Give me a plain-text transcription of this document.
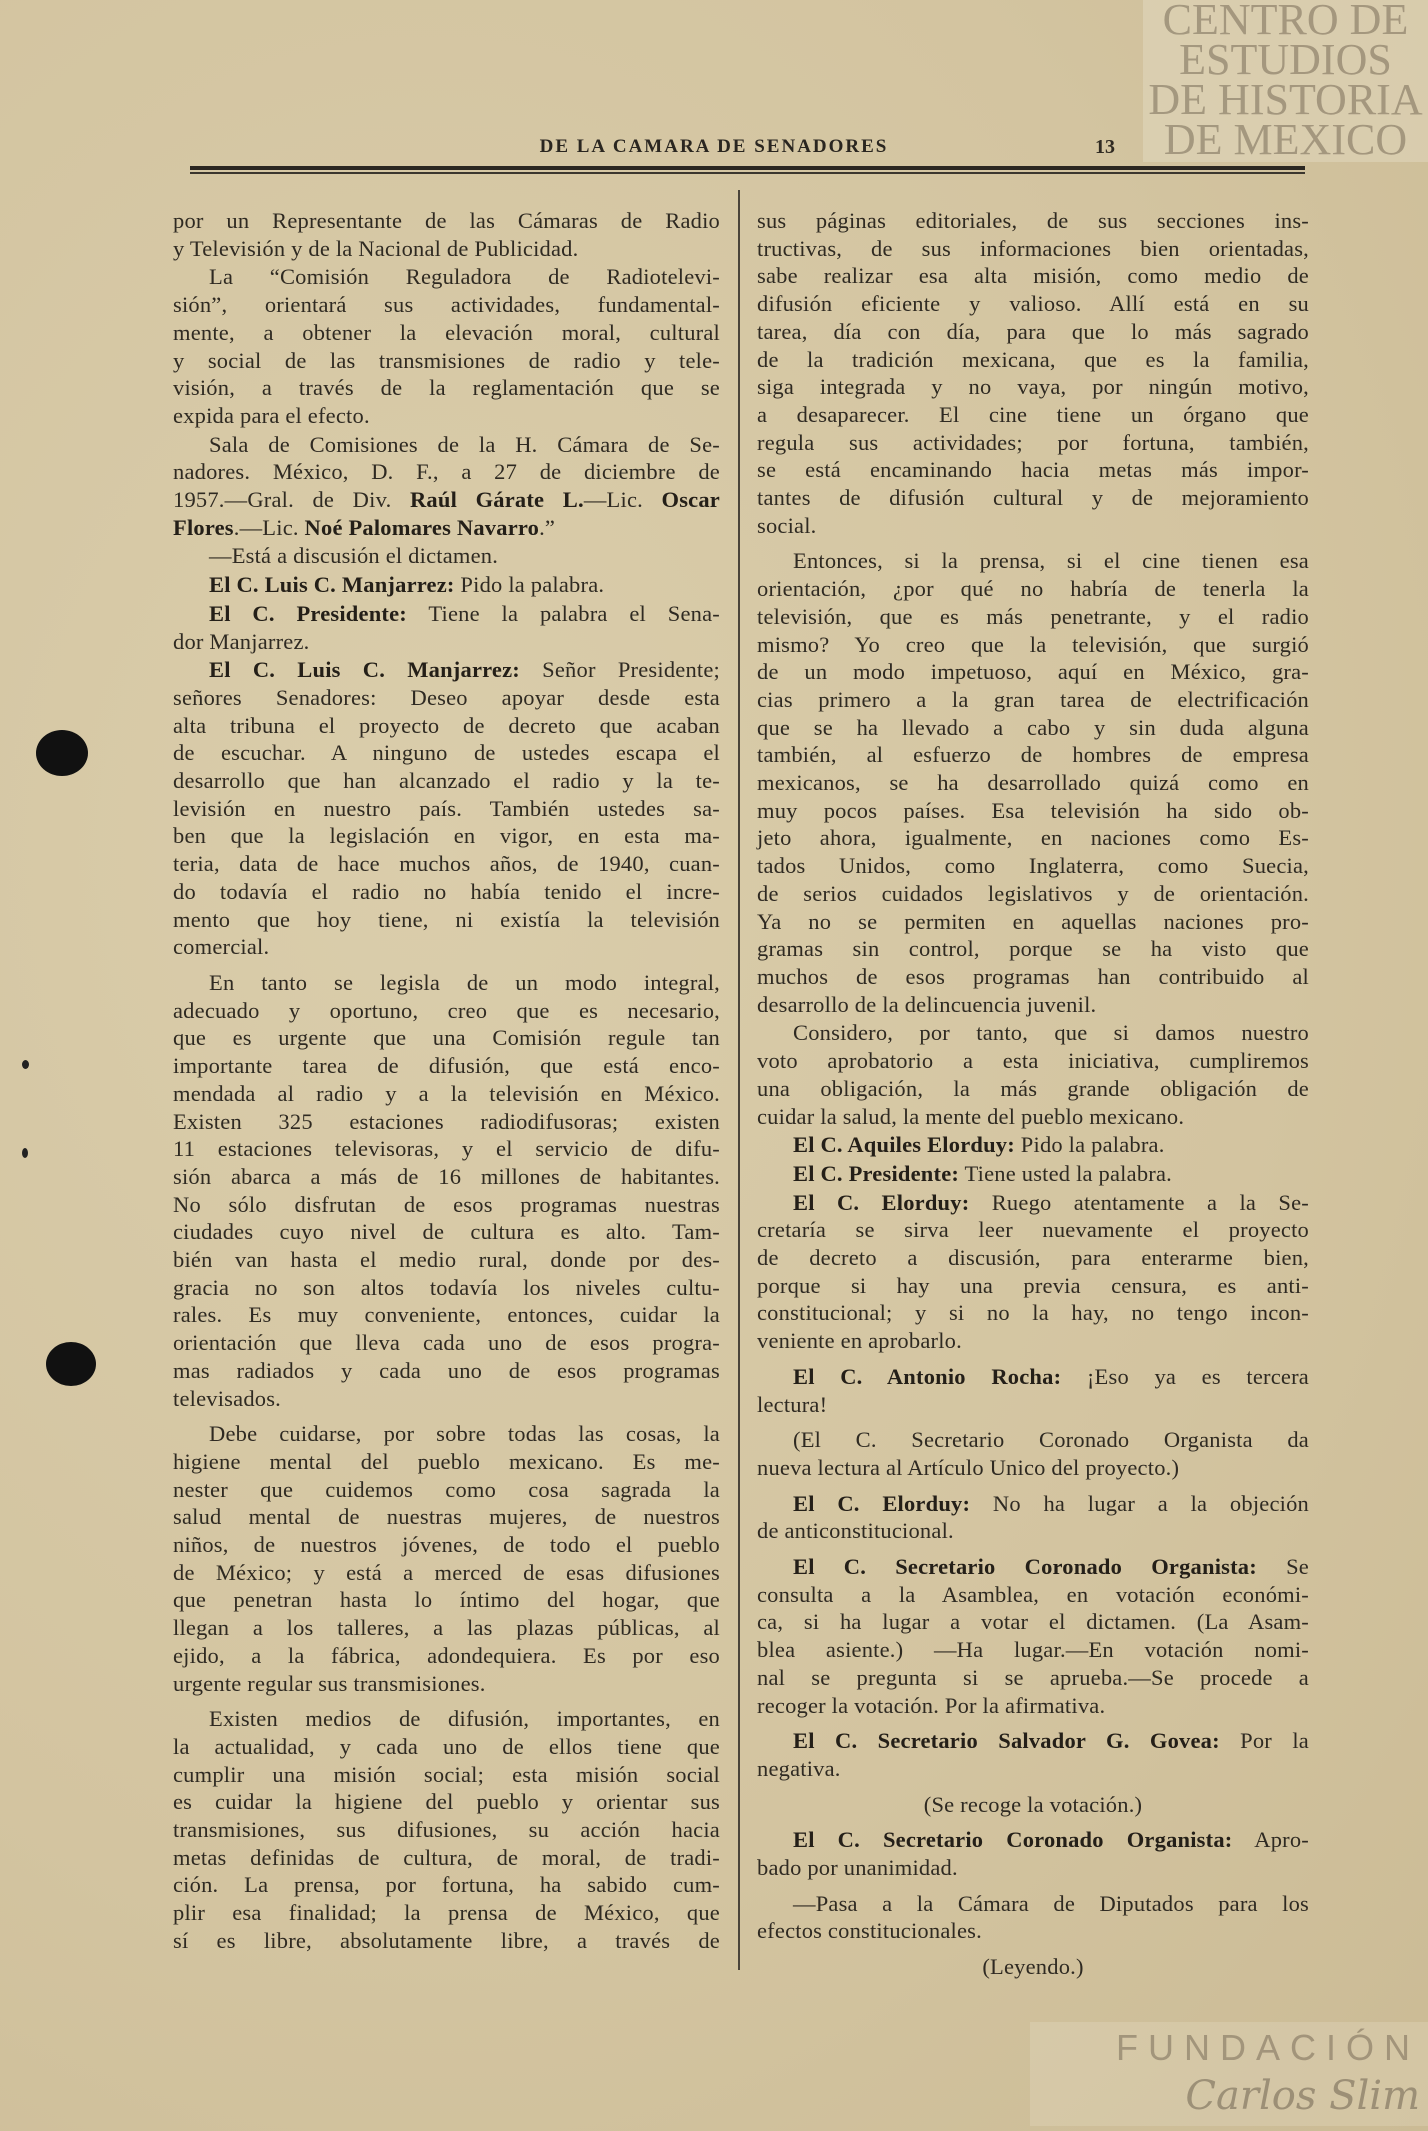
DE LA CAMARA DE SENADORES	13
por un Representante de las Cámaras de Radio
y Televisión y de la Nacional de Publicidad.
La “Comisión Reguladora de Radiotelevi-
sión”, orientará sus actividades, fundamental-
mente, a obtener la elevación moral, cultural
y social de las transmisiones de radio y tele-
visión, a través de la reglamentación que se
expida para el efecto.
Sala de Comisiones de la H. Cámara de Se-
nadores. México, D. F., a 27 de diciembre de
1957.—Gral. de Div. Raúl Gárate L.—Lic. Oscar
Flores.—Lic. Noé Palomares Navarro.”
—Está a discusión el dictamen.
El C. Luis C. Manjarrez: Pido la palabra.
El C. Presidente: Tiene la palabra el Sena-
dor Manjarrez.
El C. Luis C. Manjarrez: Señor Presidente;
señores Senadores: Deseo apoyar desde esta
alta tribuna el proyecto de decreto que acaban
de escuchar. A ninguno de ustedes escapa el
desarrollo que han alcanzado el radio y la te-
levisión en nuestro país. También ustedes sa-
ben que la legislación en vigor, en esta ma-
teria, data de hace muchos años, de 1940, cuan-
do todavía el radio no había tenido el incre-
mento que hoy tiene, ni existía la televisión
comercial.
En tanto se legisla de un modo integral,
adecuado y oportuno, creo que es necesario,
que es urgente que una Comisión regule tan
importante tarea de difusión, que está enco-
mendada al radio y a la televisión en México.
Existen 325 estaciones radiodifusoras; existen
11 estaciones televisoras, y el servicio de difu-
sión abarca a más de 16 millones de habitantes.
No sólo disfrutan de esos programas nuestras
ciudades cuyo nivel de cultura es alto. Tam-
bién van hasta el medio rural, donde por des-
gracia no son altos todavía los niveles cultu-
rales. Es muy conveniente, entonces, cuidar la
orientación que lleva cada uno de esos progra-
mas radiados y cada uno de esos programas
televisados.
Debe cuidarse, por sobre todas las cosas, la
higiene mental del pueblo mexicano. Es me-
nester que cuidemos como cosa sagrada la
salud mental de nuestras mujeres, de nuestros
niños, de nuestros jóvenes, de todo el pueblo
de México; y está a merced de esas difusiones
que penetran hasta lo íntimo del hogar, que
llegan a los talleres, a las plazas públicas, al
ejido, a la fábrica, adondequiera. Es por eso
urgente regular sus transmisiones.
Existen medios de difusión, importantes, en
la actualidad, y cada uno de ellos tiene que
cumplir una misión social; esta misión social
es cuidar la higiene del pueblo y orientar sus
transmisiones, sus difusiones, su acción hacia
metas definidas de cultura, de moral, de tradi-
ción. La prensa, por fortuna, ha sabido cum-
plir esa finalidad; la prensa de México, que
sí es libre, absolutamente libre, a través de
sus páginas editoriales, de sus secciones ins-
tructivas, de sus informaciones bien orientadas,
sabe realizar esa alta misión, como medio de
difusión eficiente y valioso. Allí está en su
tarea, día con día, para que lo más sagrado
de la tradición mexicana, que es la familia,
siga integrada y no vaya, por ningún motivo,
a desaparecer. El cine tiene un órgano que
regula sus actividades; por fortuna, también,
se está encaminando hacia metas más impor-
tantes de difusión cultural y de mejoramiento
social.
Entonces, si la prensa, si el cine tienen esa
orientación, ¿por qué no habría de tenerla la
televisión, que es más penetrante, y el radio
mismo? Yo creo que la televisión, que surgió
de un modo impetuoso, aquí en México, gra-
cias primero a la gran tarea de electrificación
que se ha llevado a cabo y sin duda alguna
también, al esfuerzo de hombres de empresa
mexicanos, se ha desarrollado quizá como en
muy pocos países. Esa televisión ha sido ob-
jeto ahora, igualmente, en naciones como Es-
tados Unidos, como Inglaterra, como Suecia,
de serios cuidados legislativos y de orientación.
Ya no se permiten en aquellas naciones pro-
gramas sin control, porque se ha visto que
muchos de esos programas han contribuido al
desarrollo de la delincuencia juvenil.
Considero, por tanto, que si damos nuestro
voto aprobatorio a esta iniciativa, cumpliremos
una obligación, la más grande obligación de
cuidar la salud, la mente del pueblo mexicano.
El C. Aquiles Elorduy: Pido la palabra.
El C. Presidente: Tiene usted la palabra.
El C. Elorduy: Ruego atentamente a la Se-
cretaría se sirva leer nuevamente el proyecto
de decreto a discusión, para enterarme bien,
porque si hay una previa censura, es anti-
constitucional; y si no la hay, no tengo incon-
veniente en aprobarlo.
El C. Antonio Rocha: ¡Eso ya es tercera
lectura!
(El C. Secretario Coronado Organista da
nueva lectura al Artículo Unico del proyecto.)
El C. Elorduy: No ha lugar a la objeción
de anticonstitucional.
El C. Secretario Coronado Organista: Se
consulta a la Asamblea, en votación económi-
ca, si ha lugar a votar el dictamen. (La Asam-
blea asiente.) —Ha lugar.—En votación nomi-
nal se pregunta si se aprueba.—Se procede a
recoger la votación. Por la afirmativa.
El C. Secretario Salvador G. Govea: Por la
negativa.
(Se recoge la votación.)
El C. Secretario Coronado Organista: Apro-
bado por unanimidad.
—Pasa a la Cámara de Diputados para los
efectos constitucionales.
(Leyendo.)
CENTRO DE
ESTUDIOS
DE HISTORIA
DE MEXICO
FUNDACIÓN
Carlos Slim
